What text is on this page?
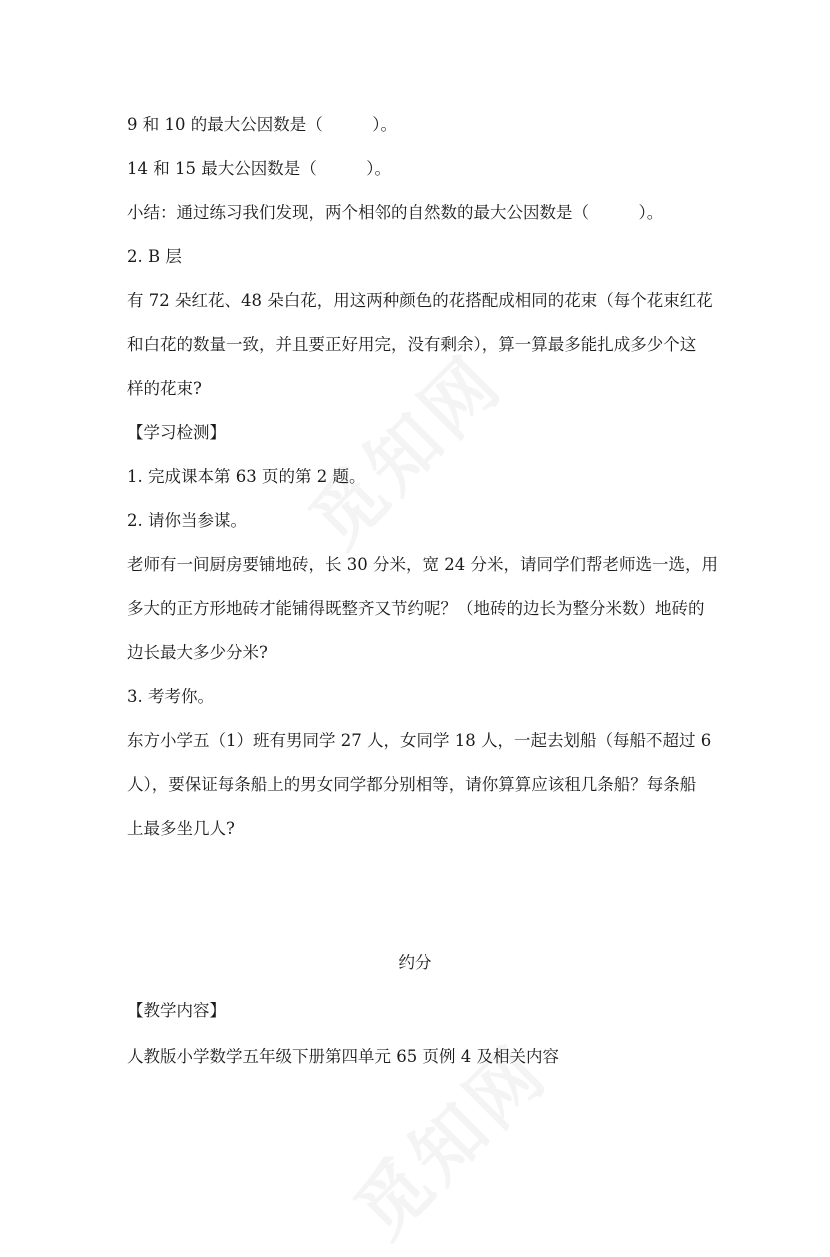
9 和 10 的最大公因数是（　　　）。
14 和 15 最大公因数是（　　　）。
小结：通过练习我们发现，两个相邻的自然数的最大公因数是（　　　）。
2. B 层
有 72 朵红花、48 朵白花，用这两种颜色的花搭配成相同的花束（每个花束红花
和白花的数量一致，并且要正好用完，没有剩余），算一算最多能扎成多少个这
样的花束?
【学习检测】
1. 完成课本第 63 页的第 2 题。
2. 请你当参谋。
老师有一间厨房要铺地砖，长 30 分米，宽 24 分米，请同学们帮老师选一选，用
多大的正方形地砖才能铺得既整齐又节约呢？（地砖的边长为整分米数）地砖的
边长最大多少分米?
3. 考考你。
东方小学五（1）班有男同学 27 人，女同学 18 人，一起去划船（每船不超过 6
人），要保证每条船上的男女同学都分别相等，请你算算应该租几条船？每条船
上最多坐几人?
约分
【教学内容】
人教版小学数学五年级下册第四单元 65 页例 4 及相关内容
